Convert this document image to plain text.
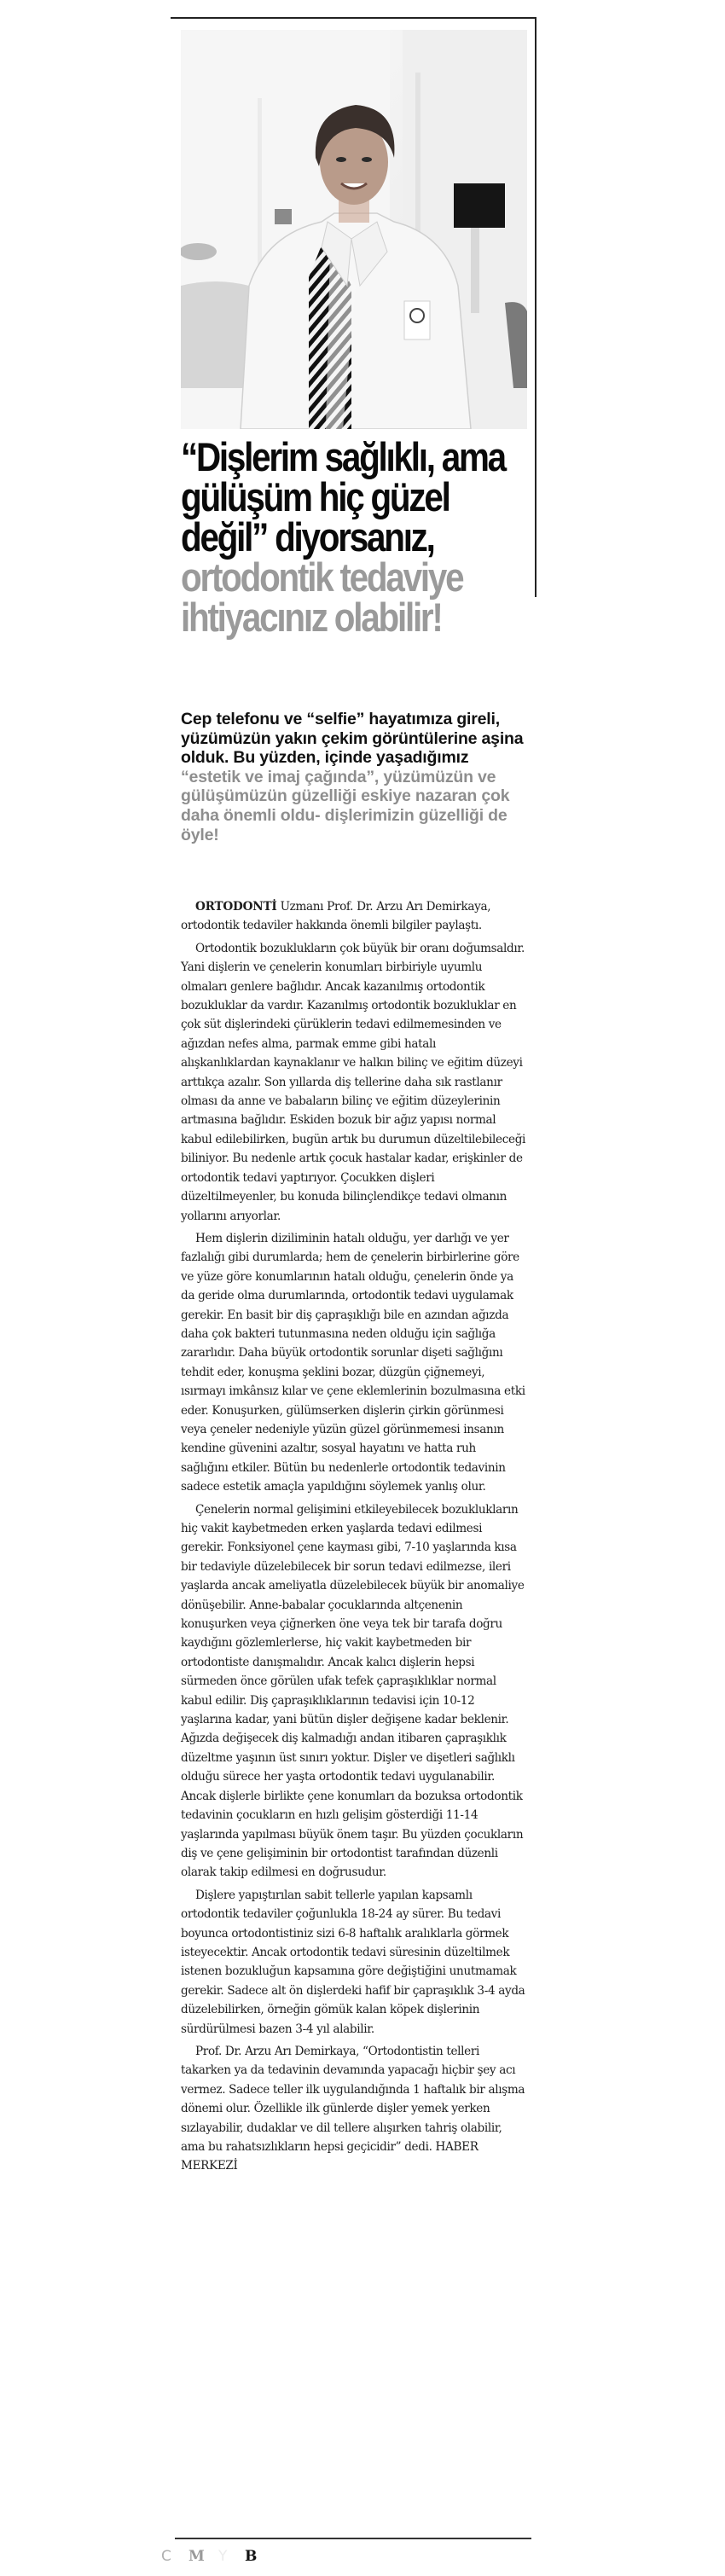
“Dişlerim sağlıklı, ama gülüşüm hiç güzel değil” diyorsanız, ortodontik tedaviye ihtiyacınız olabilir!

Cep telefonu ve “selfie” hayatımıza gireli, yüzümüzün yakın çekim görüntülerine aşina olduk. Bu yüzden, içinde yaşadığımız “estetik ve imaj çağında”, yüzümüzün ve gülüşümüzün güzelliği eskiye nazaran çok daha önemli oldu- dişlerimizin güzelliği de öyle!

ORTODONTİ Uzmanı Prof. Dr. Arzu Arı Demirkaya, ortodontik tedaviler hakkında önemli bilgiler paylaştı.

Ortodontik bozuklukların çok büyük bir oranı doğumsaldır. Yani dişlerin ve çenelerin konumları birbiriyle uyumlu olmaları genlere bağlıdır. Ancak kazanılmış ortodontik bozukluklar da vardır. Kazanılmış ortodontik bozukluklar en çok süt dişlerindeki çürüklerin tedavi edilmemesinden ve ağızdan nefes alma, parmak emme gibi hatalı alışkanlıklardan kaynaklanır ve halkın bilinç ve eğitim düzeyi arttıkça azalır. Son yıllarda diş tellerine daha sık rastlanır olması da anne ve babaların bilinç ve eğitim düzeylerinin artmasına bağlıdır. Eskiden bozuk bir ağız yapısı normal kabul edilebilirken, bugün artık bu durumun düzeltilebileceği biliniyor. Bu nedenle artık çocuk hastalar kadar, erişkinler de ortodontik tedavi yaptırıyor. Çocukken dişleri düzeltilmeyenler, bu konuda bilinçlendikçe tedavi olmanın yollarını arıyorlar.

Hem dişlerin diziliminin hatalı olduğu, yer darlığı ve yer fazlalığı gibi durumlarda; hem de çenelerin birbirlerine göre ve yüze göre konumlarının hatalı olduğu, çenelerin önde ya da geride olma durumlarında, ortodontik tedavi uygulamak gerekir. En basit bir diş çapraşıklığı bile en azından ağızda daha çok bakteri tutunmasına neden olduğu için sağlığa zararlıdır. Daha büyük ortodontik sorunlar dişeti sağlığını tehdit eder, konuşma şeklini bozar, düzgün çiğnemeyi, ısırmayı imkânsız kılar ve çene eklemlerinin bozulmasına etki eder. Konuşurken, gülümserken dişlerin çirkin görünmesi veya çeneler nedeniyle yüzün güzel görünmemesi insanın kendine güvenini azaltır, sosyal hayatını ve hatta ruh sağlığını etkiler. Bütün bu nedenlerle ortodontik tedavinin sadece estetik amaçla yapıldığını söylemek yanlış olur.

Çenelerin normal gelişimini etkileyebilecek bozuklukların hiç vakit kaybetmeden erken yaşlarda tedavi edilmesi gerekir. Fonksiyonel çene kayması gibi, 7-10 yaşlarında kısa bir tedaviyle düzelebilecek bir sorun tedavi edilmezse, ileri yaşlarda ancak ameliyatla düzelebilecek büyük bir anomaliye dönüşebilir. Anne-babalar çocuklarında altçenenin konuşurken veya çiğnerken öne veya tek bir tarafa doğru kaydığını gözlemlerlerse, hiç vakit kaybetmeden bir ortodontiste danışmalıdır. Ancak kalıcı dişlerin hepsi sürmeden önce görülen ufak tefek çapraşıklıklar normal kabul edilir. Diş çapraşıklıklarının tedavisi için 10-12 yaşlarına kadar, yani bütün dişler değişene kadar beklenir. Ağızda değişecek diş kalmadığı andan itibaren çapraşıklık düzeltme yaşının üst sınırı yoktur. Dişler ve dişetleri sağlıklı olduğu sürece her yaşta ortodontik tedavi uygulanabilir. Ancak dişlerle birlikte çene konumları da bozuksa ortodontik tedavinin çocukların en hızlı gelişim gösterdiği 11-14 yaşlarında yapılması büyük önem taşır. Bu yüzden çocukların diş ve çene gelişiminin bir ortodontist tarafından düzenli olarak takip edilmesi en doğrusudur.

Dişlere yapıştırılan sabit tellerle yapılan kapsamlı ortodontik tedaviler çoğunlukla 18-24 ay sürer. Bu tedavi boyunca ortodontistiniz sizi 6-8 haftalık aralıklarla görmek isteyecektir. Ancak ortodontik tedavi süresinin düzeltilmek istenen bozukluğun kapsamına göre değiştiğini unutmamak gerekir. Sadece alt ön dişlerdeki hafif bir çapraşıklık 3-4 ayda düzelebilirken, örneğin gömük kalan köpek dişlerinin sürdürülmesi bazen 3-4 yıl alabilir.

Prof. Dr. Arzu Arı Demirkaya, “Ortodontistin telleri takarken ya da tedavinin devamında yapacağı hiçbir şey acı vermez. Sadece teller ilk uygulandığında 1 haftalık bir alışma dönemi olur. Özellikle ilk günlerde dişler yemek yerken sızlayabilir, dudaklar ve dil tellere alışırken tahriş olabilir, ama bu rahatsızlıkların hepsi geçicidir” dedi. HABER MERKEZİ

C M Y B
